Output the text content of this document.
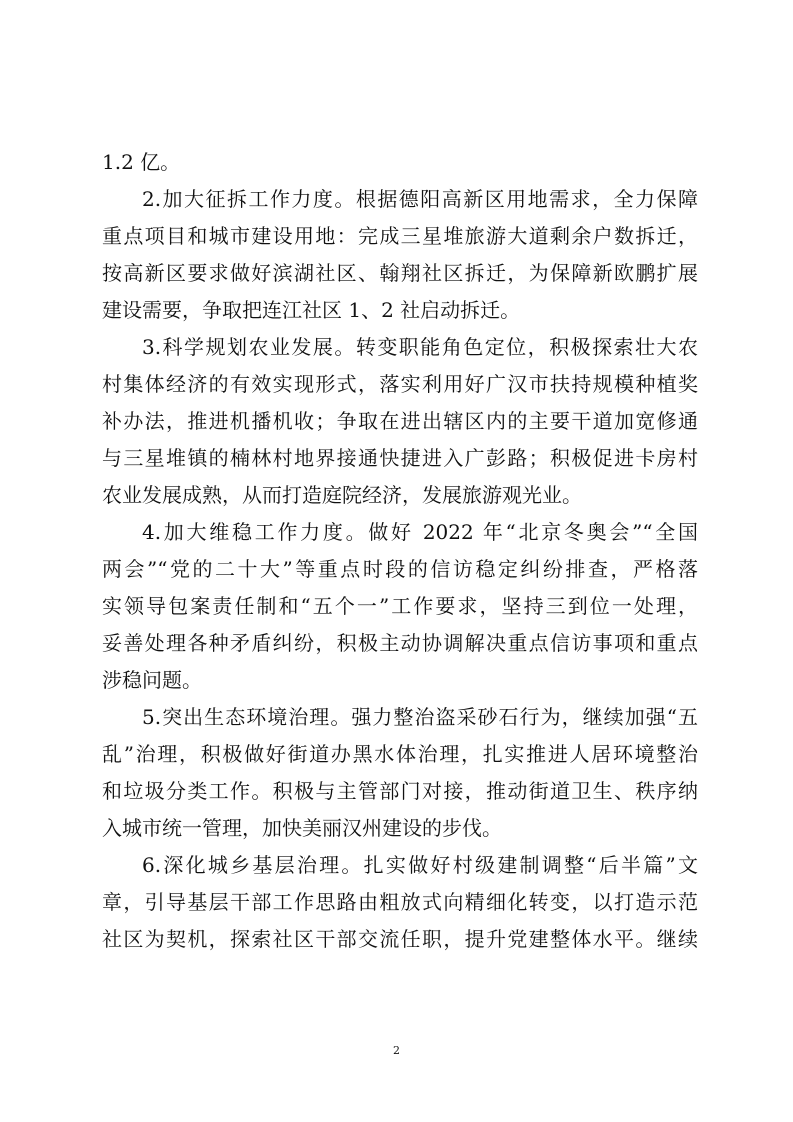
1.2 亿。
2.加大征拆工作力度。根据德阳高新区用地需求，全力保障
重点项目和城市建设用地：完成三星堆旅游大道剩余户数拆迁，
按高新区要求做好滨湖社区、翰翔社区拆迁，为保障新欧鹏扩展
建设需要，争取把连江社区 1、2 社启动拆迁。
3.科学规划农业发展。转变职能角色定位，积极探索壮大农
村集体经济的有效实现形式，落实利用好广汉市扶持规模种植奖
补办法，推进机播机收；争取在进出辖区内的主要干道加宽修通
与三星堆镇的楠林村地界接通快捷进入广彭路；积极促进卡房村
农业发展成熟，从而打造庭院经济，发展旅游观光业。
4.加大维稳工作力度。做好 2022 年“北京冬奥会”“全国
两会”“党的二十大”等重点时段的信访稳定纠纷排查，严格落
实领导包案责任制和“五个一”工作要求，坚持三到位一处理，
妥善处理各种矛盾纠纷，积极主动协调解决重点信访事项和重点
涉稳问题。
5.突出生态环境治理。强力整治盗采砂石行为，继续加强“五
乱”治理，积极做好街道办黑水体治理，扎实推进人居环境整治
和垃圾分类工作。积极与主管部门对接，推动街道卫生、秩序纳
入城市统一管理，加快美丽汉州建设的步伐。
6.深化城乡基层治理。扎实做好村级建制调整“后半篇”文
章，引导基层干部工作思路由粗放式向精细化转变，以打造示范
社区为契机，探索社区干部交流任职，提升党建整体水平。继续
2
